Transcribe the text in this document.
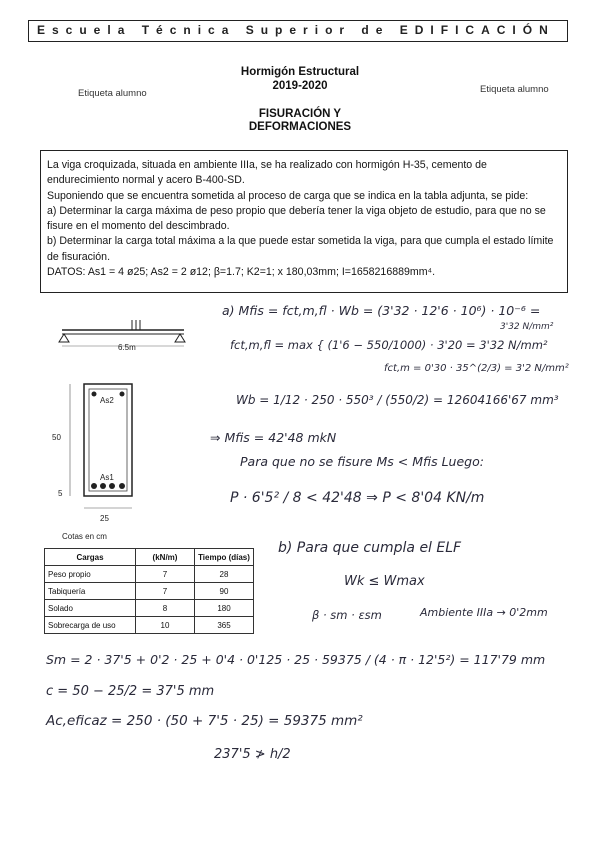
Escuela Técnica Superior de EDIFICACIÓN
Hormigón Estructural
2019-2020
Etiqueta alumno	Etiqueta alumno
FISURACIÓN Y
DEFORMACIONES

La viga croquizada, situada en ambiente IIIa, se ha realizado con hormigón H-35, cemento de endurecimiento normal y acero B-400-SD.

Suponiendo que se encuentra sometida al proceso de carga que se indica en la tabla adjunta, se pide:

a) Determinar la carga máxima de peso propio que debería tener la viga objeto de estudio, para que no se fisure en el momento del descimbrado.

b) Determinar la carga total máxima a la que puede estar sometida la viga, para que cumpla el estado límite de fisuración.

DATOS: As1 = 4 ø25; As2 = 2 ø12; β=1.7; K2=1; x 180,03mm; I=1658216889mm⁴.

6.5m
As2
As1
50
5
25
Cotas en cm
Cargas	(kN/m)	Tiempo (días)
Peso propio	7	28
Tabiquería	7	90
Solado	8	180
Sobrecarga de uso	10	365
a) Mfis = fct,m,fl · Wb = (3'32 · 12'6 · 10⁶) · 10⁻⁶ =
3'32 N/mm²
fct,m,fl = max { (1'6 − 550/1000) · 3'20 = 3'32 N/mm²
fct,m = 0'30 · 35^(2/3) = 3'2 N/mm²
Wb = 1/12 · 250 · 550³ / (550/2) = 12604166'67 mm³
⇒ Mfis = 42'48 mkN
Para que no se fisure Ms < Mfis Luego:
P · 6'5² / 8 < 42'48 ⇒ P < 8'04 KN/m
b) Para que cumpla el ELF
Wk ≤ Wmax
β · sm · εsm	Ambiente IIIa → 0'2mm
Sm = 2 · 37'5 + 0'2 · 25 + 0'4 · 0'125 · 25 · 59375 / (4 · π · 12'5²) = 117'79 mm
c = 50 − 25/2 = 37'5 mm
Ac,eficaz = 250 · (50 + 7'5 · 25) = 59375 mm²
237'5 ≯ h/2
